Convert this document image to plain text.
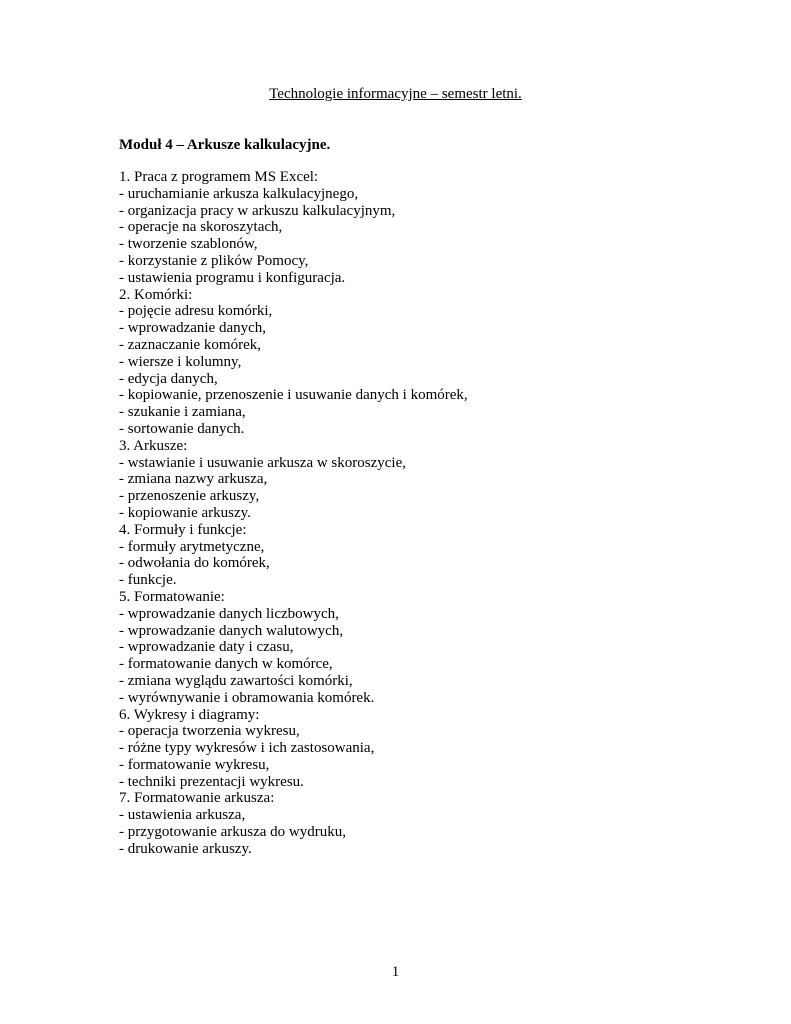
Technologie informacyjne – semestr letni.
Moduł 4 – Arkusze kalkulacyjne.
1. Praca z programem MS Excel:
- uruchamianie arkusza kalkulacyjnego,
- organizacja pracy w arkuszu kalkulacyjnym,
- operacje na skoroszytach,
- tworzenie szablonów,
- korzystanie z plików Pomocy,
- ustawienia programu i konfiguracja.
2. Komórki:
- pojęcie adresu komórki,
- wprowadzanie danych,
- zaznaczanie komórek,
- wiersze i kolumny,
- edycja danych,
- kopiowanie, przenoszenie i usuwanie danych i komórek,
- szukanie i zamiana,
- sortowanie danych.
3. Arkusze:
- wstawianie i usuwanie arkusza w skoroszycie,
- zmiana nazwy arkusza,
- przenoszenie arkuszy,
- kopiowanie arkuszy.
4. Formuły i funkcje:
- formuły arytmetyczne,
- odwołania do komórek,
- funkcje.
5. Formatowanie:
- wprowadzanie danych liczbowych,
- wprowadzanie danych walutowych,
- wprowadzanie daty i czasu,
- formatowanie danych w komórce,
- zmiana wyglądu zawartości komórki,
- wyrównywanie i obramowania komórek.
6. Wykresy i diagramy:
- operacja tworzenia wykresu,
- różne typy wykresów i ich zastosowania,
- formatowanie wykresu,
- techniki prezentacji wykresu.
7. Formatowanie arkusza:
- ustawienia arkusza,
- przygotowanie arkusza do wydruku,
- drukowanie arkuszy.
1
